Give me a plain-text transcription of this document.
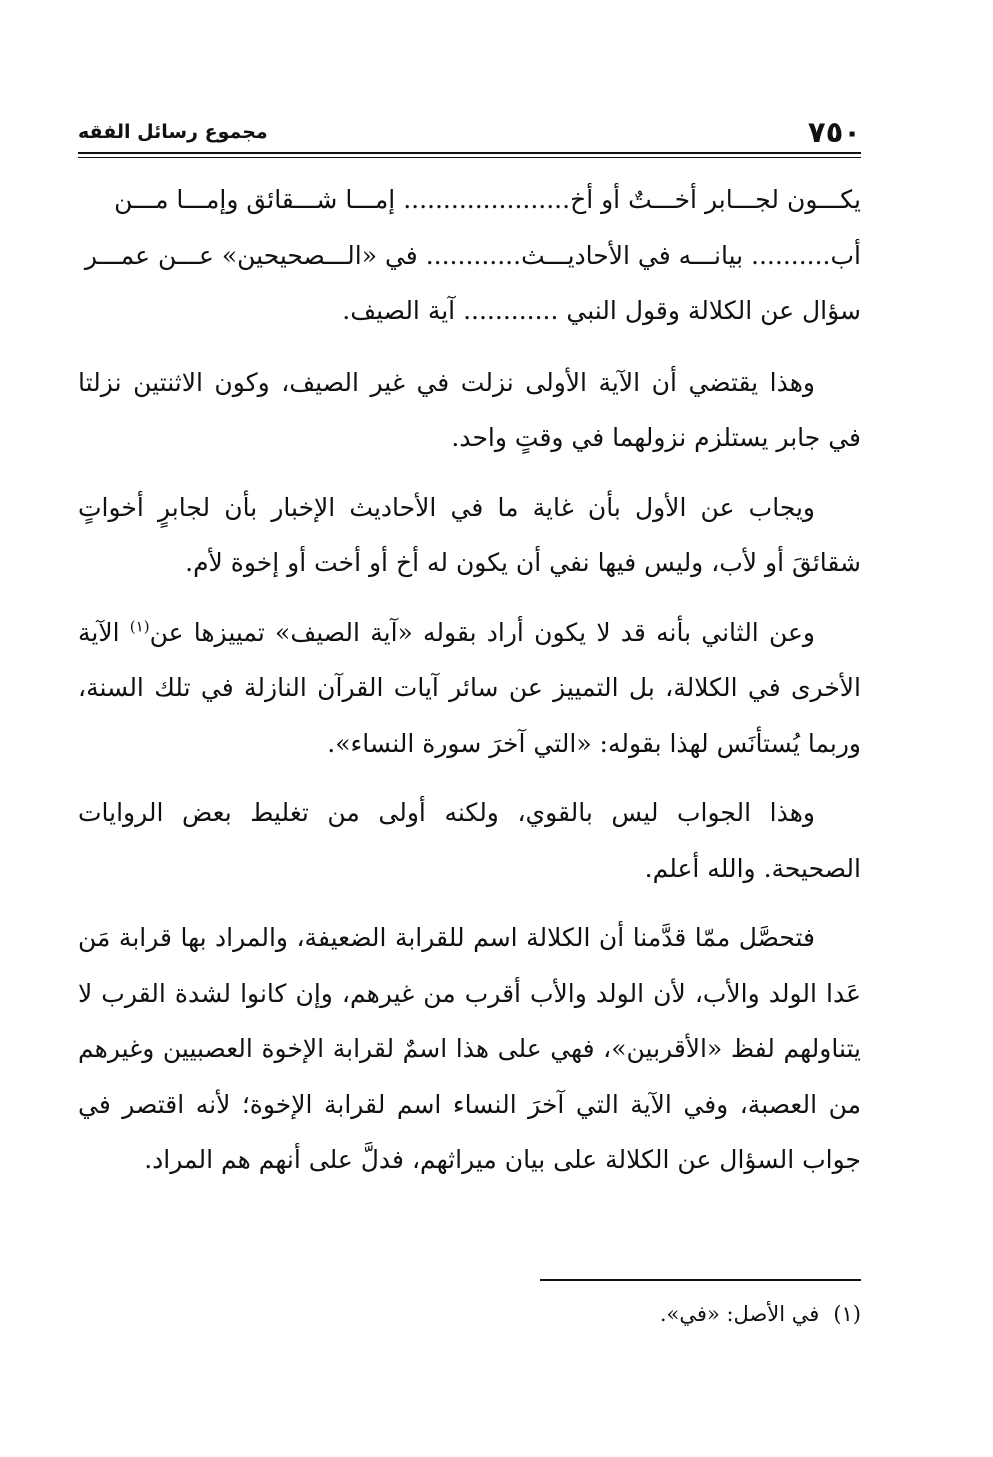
٧٥٠
مجموع رسائل الفقه

يكـــون لجـــابر أخـــتٌ أو أخ..................... إمـــا شـــقائق وإمـــا مـــن

أب.......... بيانـــه في الأحاديـــث............ في «الـــصحيحين» عـــن عمـــر

سؤال عن الكلالة وقول النبي ............ آية الصيف.

وهذا يقتضي أن الآية الأولى نزلت في غير الصيف، وكون الاثنتين نزلتا في جابر يستلزم نزولهما في وقتٍ واحد.

ويجاب عن الأول بأن غاية ما في الأحاديث الإخبار بأن لجابرٍ أخواتٍ شقائقَ أو لأب، وليس فيها نفي أن يكون له أخ أو أخت أو إخوة لأم.

وعن الثاني بأنه قد لا يكون أراد بقوله «آية الصيف» تمييزها عن$^{(١)}$ الآية الأخرى في الكلالة، بل التمييز عن سائر آيات القرآن النازلة في تلك السنة، وربما يُستأنَس لهذا بقوله: «التي آخرَ سورة النساء».

وهذا الجواب ليس بالقوي، ولكنه أولى من تغليط بعض الروايات الصحيحة. والله أعلم.

فتحصَّل ممّا قدَّمنا أن الكلالة اسم للقرابة الضعيفة، والمراد بها قرابة مَن عَدا الولد والأب، لأن الولد والأب أقرب من غيرهم، وإن كانوا لشدة القرب لا يتناولهم لفظ «الأقربين»، فهي على هذا اسمٌ لقرابة الإخوة العصبيين وغيرهم من العصبة، وفي الآية التي آخرَ النساء اسم لقرابة الإخوة؛ لأنه اقتصر في جواب السؤال عن الكلالة على بيان ميراثهم، فدلَّ على أنهم هم المراد.

(١)في الأصل: «في».
